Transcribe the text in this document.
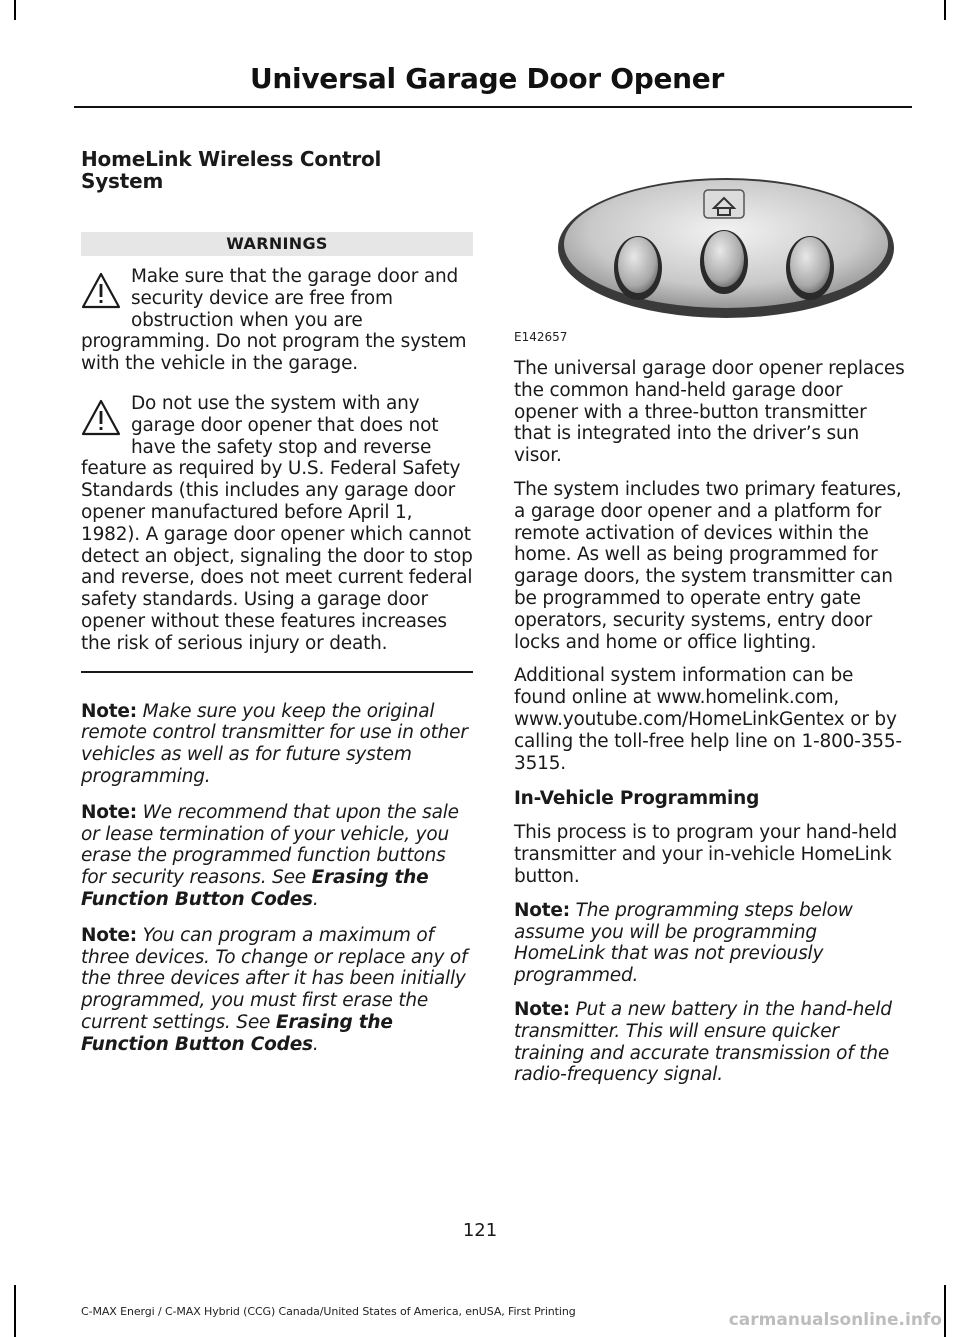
Universal Garage Door Opener
HomeLink Wireless Control
System
WARNINGS

Make sure that the garage door and security device are free from obstruction when you are programming. Do not program the system with the vehicle in the garage.

Do not use the system with any garage door opener that does not have the safety stop and reverse feature as required by U.S. Federal Safety Standards (this includes any garage door opener manufactured before April 1, 1982). A garage door opener which cannot detect an object, signaling the door to stop and reverse, does not meet current federal safety standards. Using a garage door opener without these features increases the risk of serious injury or death.

Note: Make sure you keep the original remote control transmitter for use in other vehicles as well as for future system programming.

Note: We recommend that upon the sale or lease termination of your vehicle, you erase the programmed function buttons for security reasons. See Erasing the Function Button Codes.

Note: You can program a maximum of three devices. To change or replace any of the three devices after it has been initially programmed, you must first erase the current settings. See Erasing the Function Button Codes.

E142657

The universal garage door opener replaces the common hand-held garage door opener with a three-button transmitter that is integrated into the driver’s sun visor.

The system includes two primary features, a garage door opener and a platform for remote activation of devices within the home. As well as being programmed for garage doors, the system transmitter can be programmed to operate entry gate operators, security systems, entry door locks and home or office lighting.

Additional system information can be found online at www.homelink.com, www.youtube.com/HomeLinkGentex or by calling the toll-free help line on 1-800-355-3515.

In-Vehicle Programming

This process is to program your hand-held transmitter and your in-vehicle HomeLink button.

Note: The programming steps below assume you will be programming HomeLink that was not previously programmed.

Note: Put a new battery in the hand-held transmitter. This will ensure quicker training and accurate transmission of the radio-frequency signal.

121
C-MAX Energi / C-MAX Hybrid (CCG) Canada/United States of America, enUSA, First Printing	carmanualsonline.info
